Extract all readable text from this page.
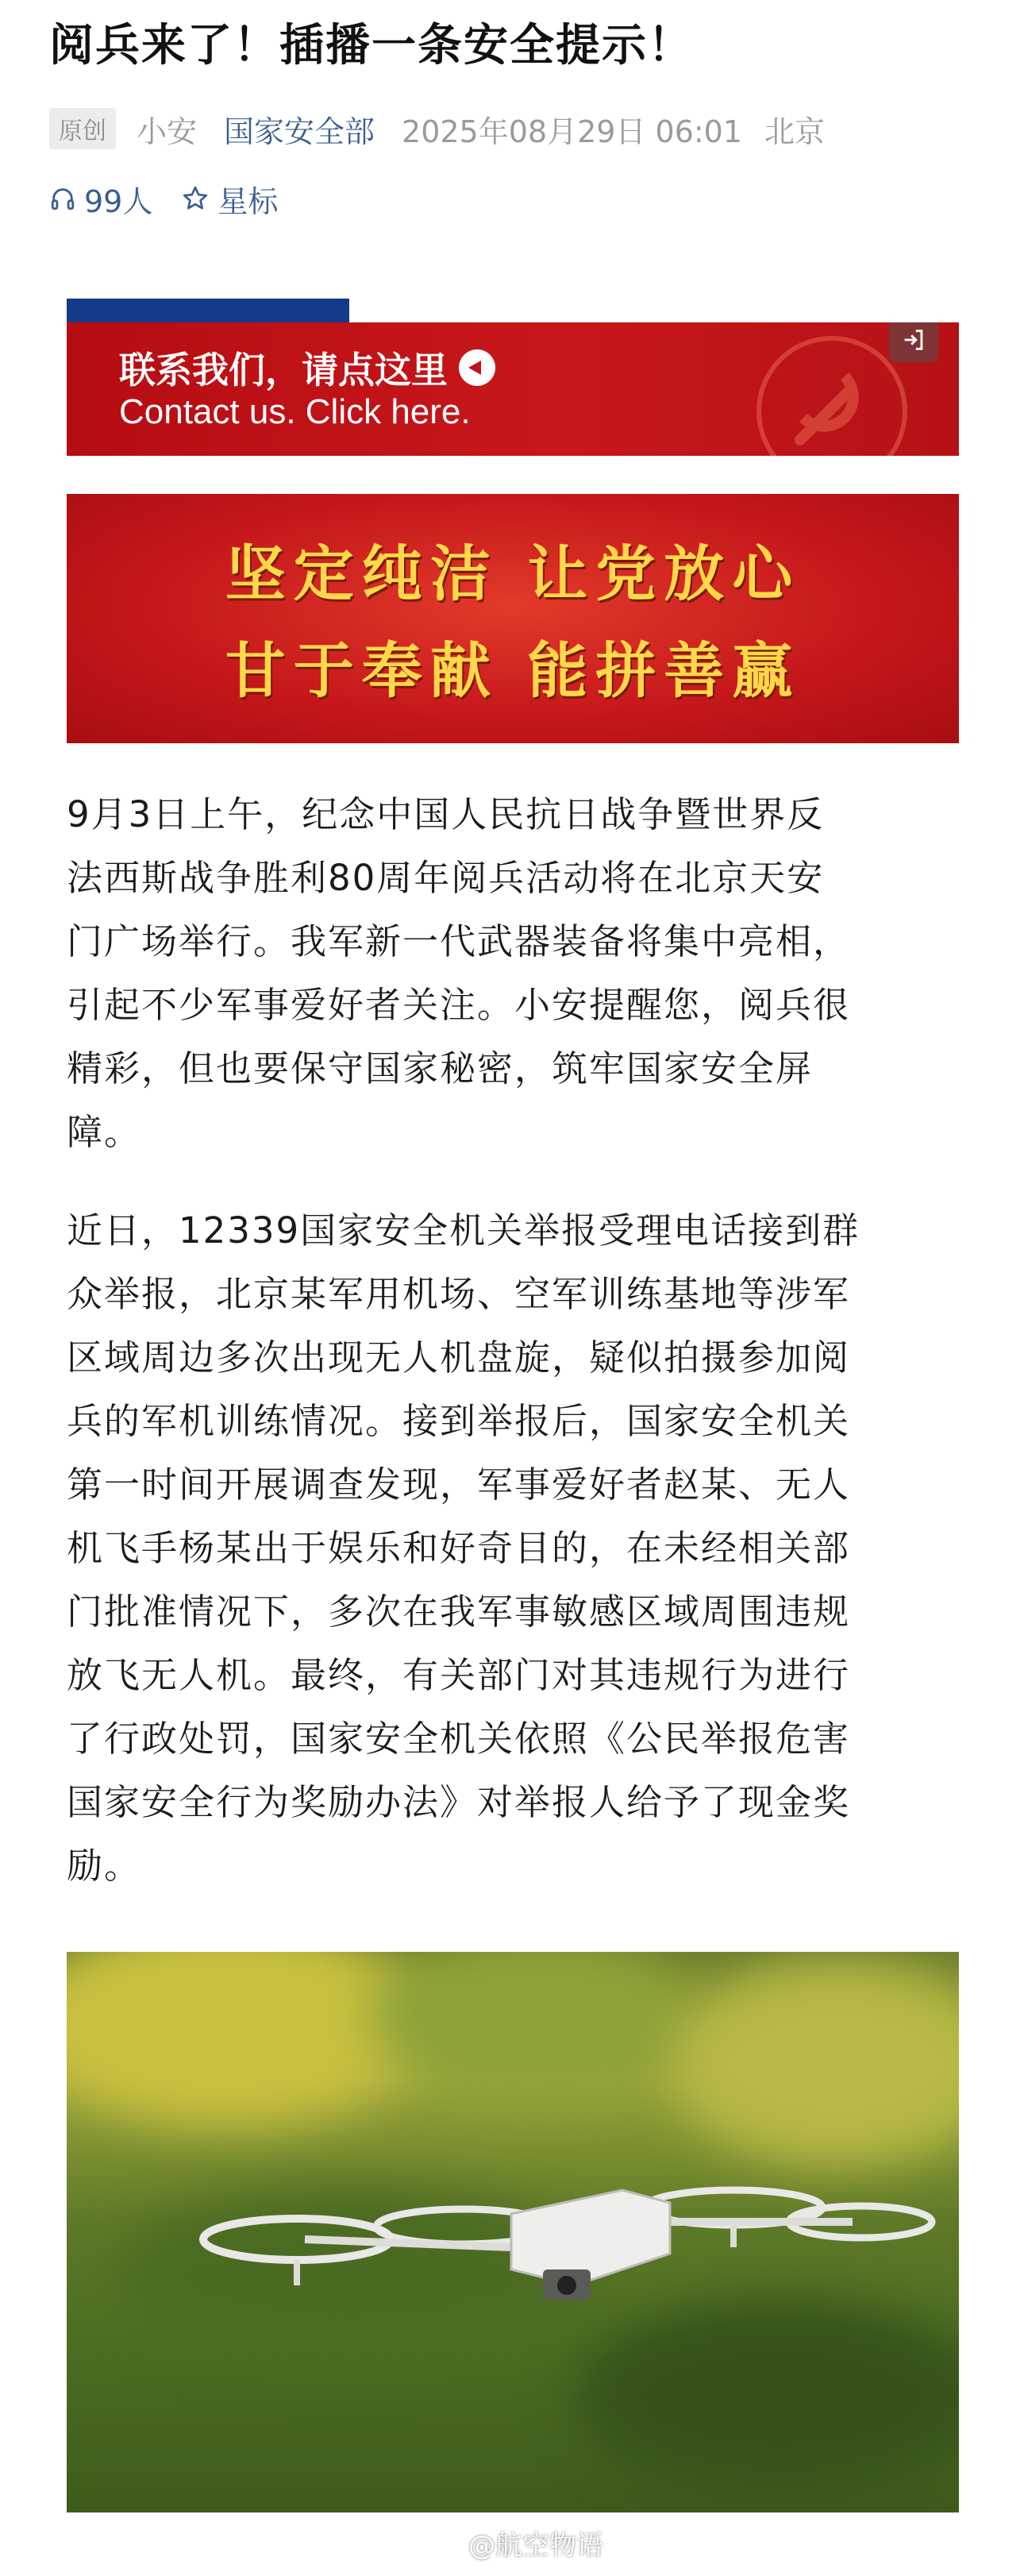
阅兵来了！插播一条安全提示！
原创	小安 国家安全部 2025年08月29日 06:01 北京
99人 星标
联系我们，请点这里
Contact us. Click here.
坚定纯洁 让党放心
甘于奉献 能拼善赢
9月3日上午，纪念中国人民抗日战争暨世界反
法西斯战争胜利80周年阅兵活动将在北京天安
门广场举行。我军新一代武器装备将集中亮相，
引起不少军事爱好者关注。小安提醒您，阅兵很
精彩，但也要保守国家秘密，筑牢国家安全屏
障。
近日，12339国家安全机关举报受理电话接到群
众举报，北京某军用机场、空军训练基地等涉军
区域周边多次出现无人机盘旋，疑似拍摄参加阅
兵的军机训练情况。接到举报后，国家安全机关
第一时间开展调查发现，军事爱好者赵某、无人
机飞手杨某出于娱乐和好奇目的，在未经相关部
门批准情况下，多次在我军事敏感区域周围违规
放飞无人机。最终，有关部门对其违规行为进行
了行政处罚，国家安全机关依照《公民举报危害
国家安全行为奖励办法》对举报人给予了现金奖
励。
@航空物语
